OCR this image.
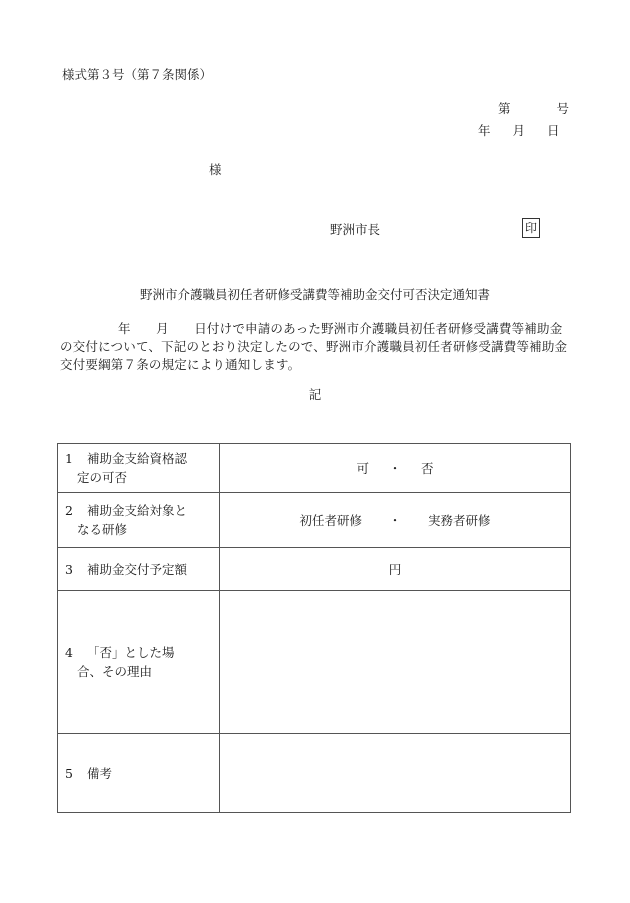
様式第３号（第７条関係）
第	号
年 月 日
様
野洲市長	印
野洲市介護職員初任者研修受講費等補助金交付可否決定通知書
年　　 月　　 日付けで申請のあった野洲市介護職員初任者研修受講費等補助金の交付について、下記のとおり決定したので、野洲市介護職員初任者研修受講費等補助金交付要綱第７条の規定により通知します。
記
1 補助金支給資格認
定の可否	可 ・ 否

2 補助金支給対象と
なる研修	初任者研修 ・ 実務者研修

3 補助金交付予定額	円

4 「否」とした場
合、その理由	

5 備考	
